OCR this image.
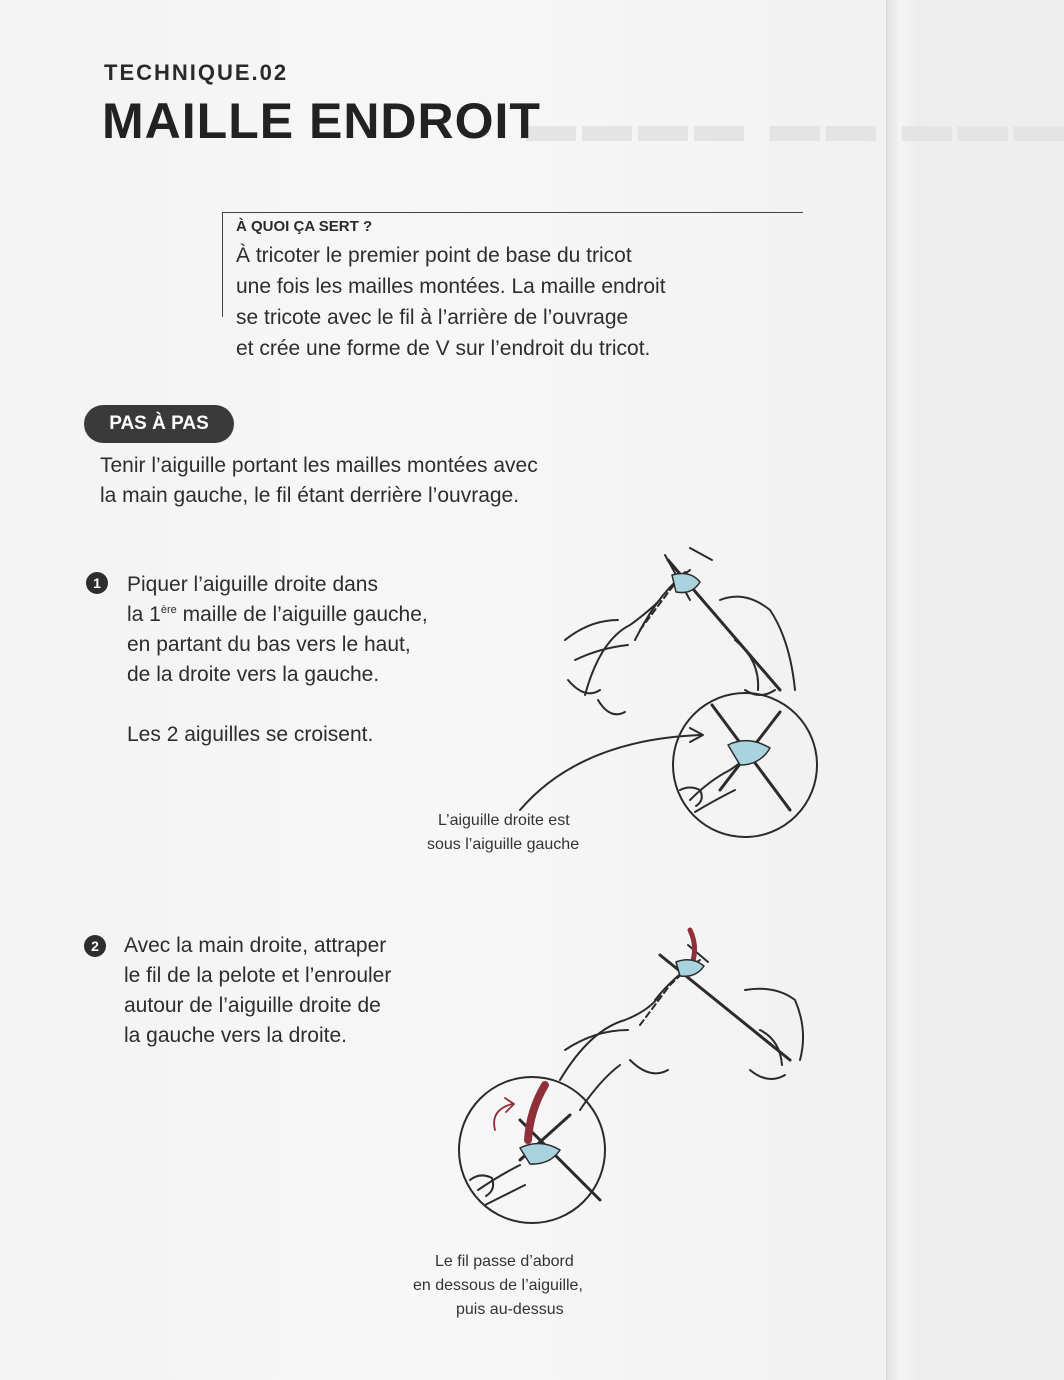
▬▬▬ ▬▬ ▬▬▬▬
TECHNIQUE.02
MAILLE ENDROIT
À QUOI ÇA SERT ?
À tricoter le premier point de base du tricot
une fois les mailles montées. La maille endroit
se tricote avec le fil à l’arrière de l’ouvrage
et crée une forme de V sur l’endroit du tricot.
PAS À PAS
Tenir l’aiguille portant les mailles montées avec
la main gauche, le fil étant derrière l’ouvrage.
1	Piquer l’aiguille droite dans
la 1ère maille de l’aiguille gauche,
en partant du bas vers le haut,
de la droite vers la gauche.
Les 2 aiguilles se croisent.
L’aiguille droite est
sous l’aiguille gauche
2	Avec la main droite, attraper
le fil de la pelote et l’enrouler
autour de l’aiguille droite de
la gauche vers la droite.
Le fil passe d’abord
en dessous de l’aiguille,
puis au-dessus
